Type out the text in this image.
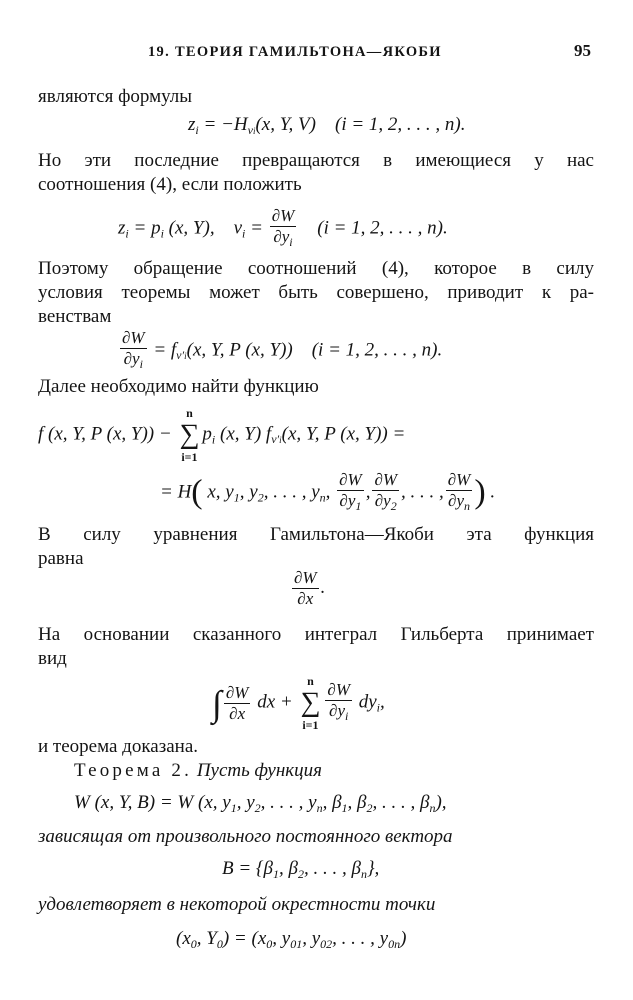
19. ТЕОРИЯ ГАМИЛЬТОНА—ЯКОБИ	95
являются формулы
$z_i = -H_{vi}(x$, Y, V) (i = 1, 2, . . . , n).
Но эти последние превращаются в имеющиеся у нас
соотношения (4), если положить
$z_i = p_i$ (x, Y), $v_i = \frac{\partial W}{\partial y_i} (i = 1$, 2, . . . , n).
Поэтому обращение соотношений (4), которое в силу
условия теоремы может быть совершено, приводит к ра-
венствам
$\frac{\partial W}{\partial y_i} = f_{v'i}(x$, Y, P (x, Y)) (i = 1, 2, . . . , n).
Далее необходимо найти функцию
f (x, Y, P (x, Y)) −
n
∑
i=1
$p_i$ (x, Y) $f_{v'i}(x$, Y, P (x, Y)) =
= H( x, $y_1$, $y_2$, . . . , $y_n$, $\frac{\partial W}{\partial y_1}$ , $\frac{\partial W}{\partial y_2}$ , . . . , $\frac{\partial W}{\partial y_n}$ ) .
В силу уравнения Гамильтона—Якоби эта функция
равна
$\frac{\partial W}{\partial x}$ .
На основании сказанного интеграл Гильберта принимает
вид
∫ $\frac{\partial W}{\partial x}$ dx +
n
∑
$i=1 \frac{\partial W}{\partial y_i} dy_i$,
и теорема доказана.
Теорема 2. Пусть функция
W (x, Y, B) = W (x, $y_1$, $y_2$, . . . , $y_n$, $\beta_1$, $\beta_2$, . . . , $\beta_n$),
зависящая от произвольного постоянного вектора
$B = \{\beta_1$, $\beta_2$, . . . , $\beta_n$},
удовлетворяет в некоторой окрестности точки
($x_0$, $Y_0) = (x_0$, $y_{01}$, $y_{02}$, . . . , $y_{0n}$)
